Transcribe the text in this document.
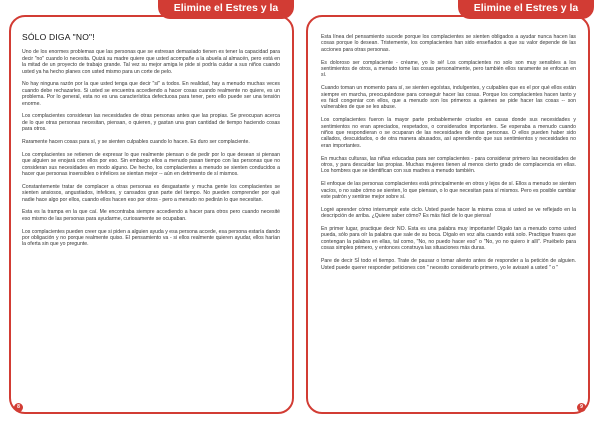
Elimine el Estres y la Ansiedad
SÓLO DIGA "NO"!

Uno de los enormes problemas que las personas que se estresan demasiado tienen es tener la capacidad para decir "no" cuando lo necesita. Quizá su madre quiere que usted acompañe a la abuela al almacén, pero está en la mitad de un proyecto de trabajo grande. Tal vez su mejor amiga le pide si podría cuidar a sus niños cuando usted ya ha hecho planes con usted mismo para un corte de pelo.

No hay ninguna razón por la que usted tenga que decir "sí" a todos. En realidad, hay a menudo muchas veces cuando debe rechazarles. Si usted se encuentra accediendo a hacer cosas cuando realmente no quiere, es un problema. Por lo general, esta no es una característica defectuosa para tener, pero ello puede ser una tensión enorme.

Los complacientes consideran las necesidades de otras personas antes que las propias. Se preocupan acerca de lo que otras personas necesitan, piensan, o quieren, y gastan una gran cantidad de tiempo haciendo cosas para otros.

Raramente hacen cosas para sí, y se sienten culpables cuando lo hacen. Es duro ser complaciente.

Los complacientes se retienen de expresar lo que realmente piensan o de pedir por lo que desean si piensan que alguien se enojará con ellos por eso. Sin embargo ellos a menudo pasan tiempo con las personas que no consideran sus necesidades en modo alguno. De hecho, los complacientes a menudo se sienten conducidos a hacer que personas insensibles o infelices se sientan mejor -- aún en detrimento de sí mismos.

Constantemente tratar de complacer a otras personas es desgastante y mucha gente los complacientes se sienten ansiosos, angustiados, infelices, y cansados gran parte del tiempo. No pueden comprender por qué nadie hace algo por ellos, cuando ellos hacen eso por otros - pero a menudo no pedirán lo que necesitan.

Esta es la trampa en la que caí. Me encontraba siempre accediendo a hacer para otros pero cuando necesité eso mismo de las personas para ayudarme, curiosamente se ocupaban.

Los complacientes pueden creer que si piden a alguien ayuda y esa persona accede, esa persona estaría dando por obligación y no porque realmente quiso. El pensamiento va - si ellos realmente quieren ayudar, ellos harían la oferta sin que yo pregunte.

8
Elimine el Estres y la Ansiedad

Esta línea del pensamiento sucede porque los complacientes se sienten obligados a ayudar nunca hacen las cosas porque lo desean. Tristemente, los complacientes han sido enseñados a que su valor depende de las acciones para otras personas.

Es doloroso ser complaciente - créame, yo lo sé! Los complacientes no solo son muy sensibles a los sentimientos de otros, a menudo tome las cosas personalmente, pero también ellos raramente se enfocan en sí.

Cuando toman un momento para sí, se sienten egoístas, indulgentes, y culpables que es el por qué ellos están siempre en marcha, preocupándose para conseguir hacer las cosas. Porque los complacientes hacen tanto y es fácil congeniar con ellos, que a menudo son los primeros a quienes se pide hacer las cosas -- son vulnerables de que se les abuse.

Los complacientes fueron la mayor parte probablemente criados en casas donde sus necesidades y sentimientos no eran apreciados, respetados, o considerados importantes. Se esperaba a menudo cuando niños que respondieran o se ocuparan de las necesidades de otras personas. O ellos pueden haber sido callados, descuidados, o de otra manera abusados, así aprendiendo que sus sentimientos y necesidades no eran importantes.

En muchas culturas, las niñas educadas para ser complacientes - para considerar primero las necesidades de otros, y para descuidar las propias. Muchas mujeres tienen al menos cierto grado de complacencia en ellas. Los hombres que se identifican con sus madres a menudo también.

El enfoque de las personas complacientes está principalmente en otros y lejos de sí. Ellos a menudo se sienten vacíos, o no sabe cómo se sienten, lo que piensan, o lo que necesitan para sí mismos. Pero es posible cambiar este patrón y sentirse mejor sobre sí.

Logré aprender cómo interrumpir este ciclo. Usted puede hacer la misma cosa si usted se ve reflejado en la descripción de arriba. ¿Quiere saber cómo? Es más fácil de lo que piensa!

En primer lugar, practique decir NO. Esta es una palabra muy importante! Dígalo tan a menudo como usted pueda, sólo para oír la palabra que sale de su boca. Dígalo en voz alta cuando está solo. Practique frases que contengan la palabra en ellas, tal como, "No, no puedo hacer eso" o "No, yo no quiero ir allí". Pruébelo para cosas simples primero, y entonces construya las situaciones más duras.

Pare de decir SÍ todo el tiempo. Trate de pausar o tomar aliento antes de responder a la petición de alguien. Usted puede querer responder peticiones con " necesito considerarlo primero, yo le avisaré a usted " o "

9
